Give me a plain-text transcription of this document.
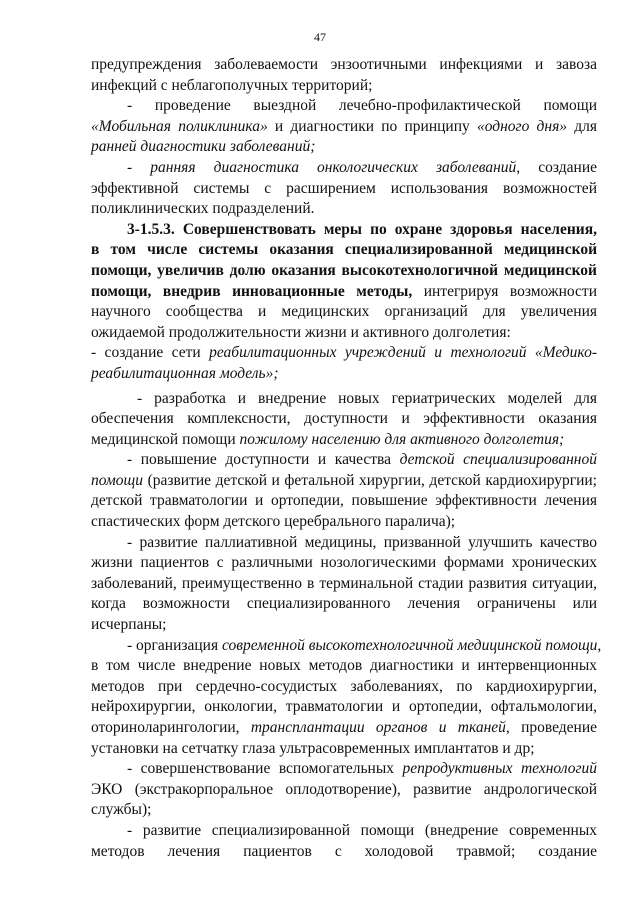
47
предупреждения заболеваемости энзоотичными инфекциями и завоза
инфекций с неблагополучных территорий;
- проведение выездной лечебно-профилактической помощи
«Мобильная поликлиника» и диагностики по принципу «одного дня» для
ранней диагностики заболеваний;
- ранняя диагностика онкологических заболеваний, создание
эффективной системы с расширением использования возможностей
поликлинических подразделений.
3-1.5.3. Совершенствовать меры по охране здоровья населения,
в том числе системы оказания специализированной медицинской
помощи, увеличив долю оказания высокотехнологичной медицинской
помощи, внедрив инновационные методы, интегрируя возможности
научного сообщества и медицинских организаций для увеличения
ожидаемой продолжительности жизни и активного долголетия:
- создание сети реабилитационных учреждений и технологий «Медико-
реабилитационная модель»;
- разработка и внедрение новых гериатрических моделей для
обеспечения комплексности, доступности и эффективности оказания
медицинской помощи пожилому населению для активного долголетия;
- повышение доступности и качества детской специализированной
помощи (развитие детской и фетальной хирургии, детской кардиохирургии;
детской травматологии и ортопедии, повышение эффективности лечения
спастических форм детского церебрального паралича);
- развитие паллиативной медицины, призванной улучшить качество
жизни пациентов с различными нозологическими формами хронических
заболеваний, преимущественно в терминальной стадии развития ситуации,
когда возможности специализированного лечения ограничены или
исчерпаны;
- организация современной высокотехнологичной медицинской помощи,
в том числе внедрение новых методов диагностики и интервенционных
методов при сердечно-сосудистых заболеваниях, по кардиохирургии,
нейрохирургии, онкологии, травматологии и ортопедии, офтальмологии,
оториноларингологии, трансплантации органов и тканей, проведение
установки на сетчатку глаза ультрасовременных имплантатов и др;
- совершенствование вспомогательных репродуктивных технологий
ЭКО (экстракорпоральное оплодотворение), развитие андрологической
службы);
- развитие специализированной помощи (внедрение современных
методов лечения пациентов с холодовой травмой; создание
